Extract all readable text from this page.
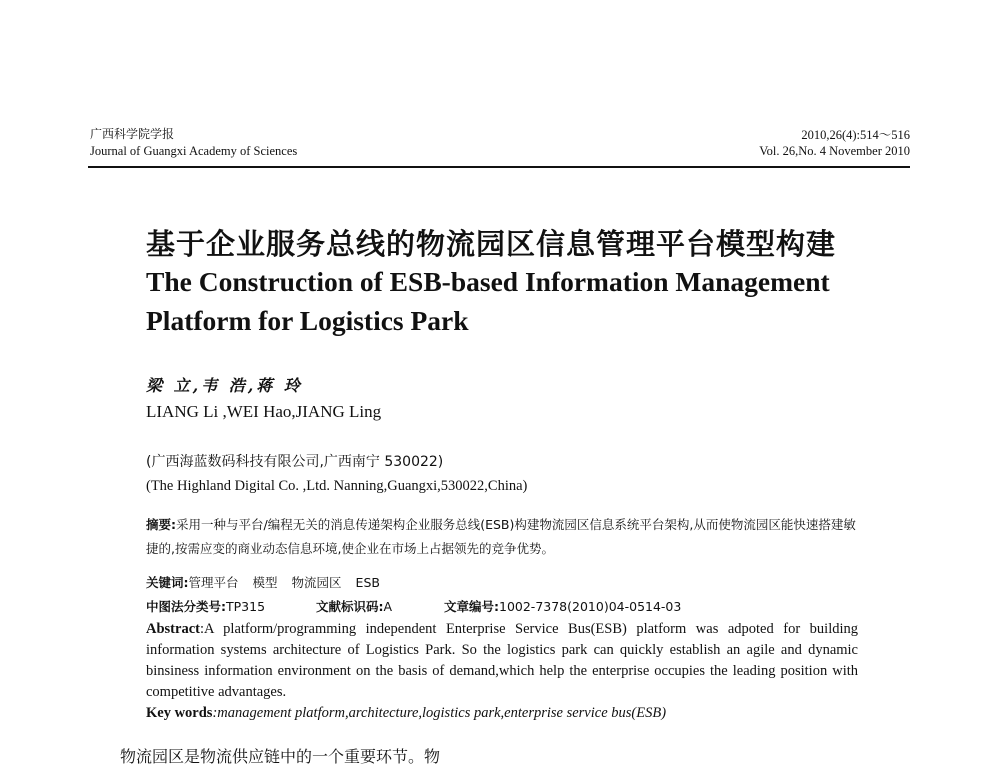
广西科学院学报
Journal of Guangxi Academy of Sciences
2010,26(4):514～516
Vol. 26,No. 4 November 2010
基于企业服务总线的物流园区信息管理平台模型构建
The Construction of ESB-based Information Management Platform for Logistics Park
梁 立,韦 浩,蒋 玲
LIANG Li ,WEI Hao,JIANG Ling
(广西海蓝数码科技有限公司,广西南宁 530022)
(The Highland Digital Co. ,Ltd. Nanning,Guangxi,530022,China)
摘要:采用一种与平台/编程无关的消息传递架构企业服务总线(ESB)构建物流园区信息系统平台架构,从而使物流园区能快速搭建敏捷的,按需应变的商业动态信息环境,使企业在市场上占据领先的竞争优势。
关键词:管理平台 模型 物流园区 ESB
中图法分类号:TP315	文献标识码:A	文章编号:1002-7378(2010)04-0514-03
Abstract:A platform/programming independent Enterprise Service Bus(ESB) platform was adpoted for building information systems architecture of Logistics Park. So the logistics park can quickly establish an agile and dynamic binsiness information environment on the basis of demand,which help the enterprise occupies the leading position with competitive advantages.
Key words:management platform,architecture,logistics park,enterprise service bus(ESB)
物流园区是物流供应链中的一个重要环节。物
